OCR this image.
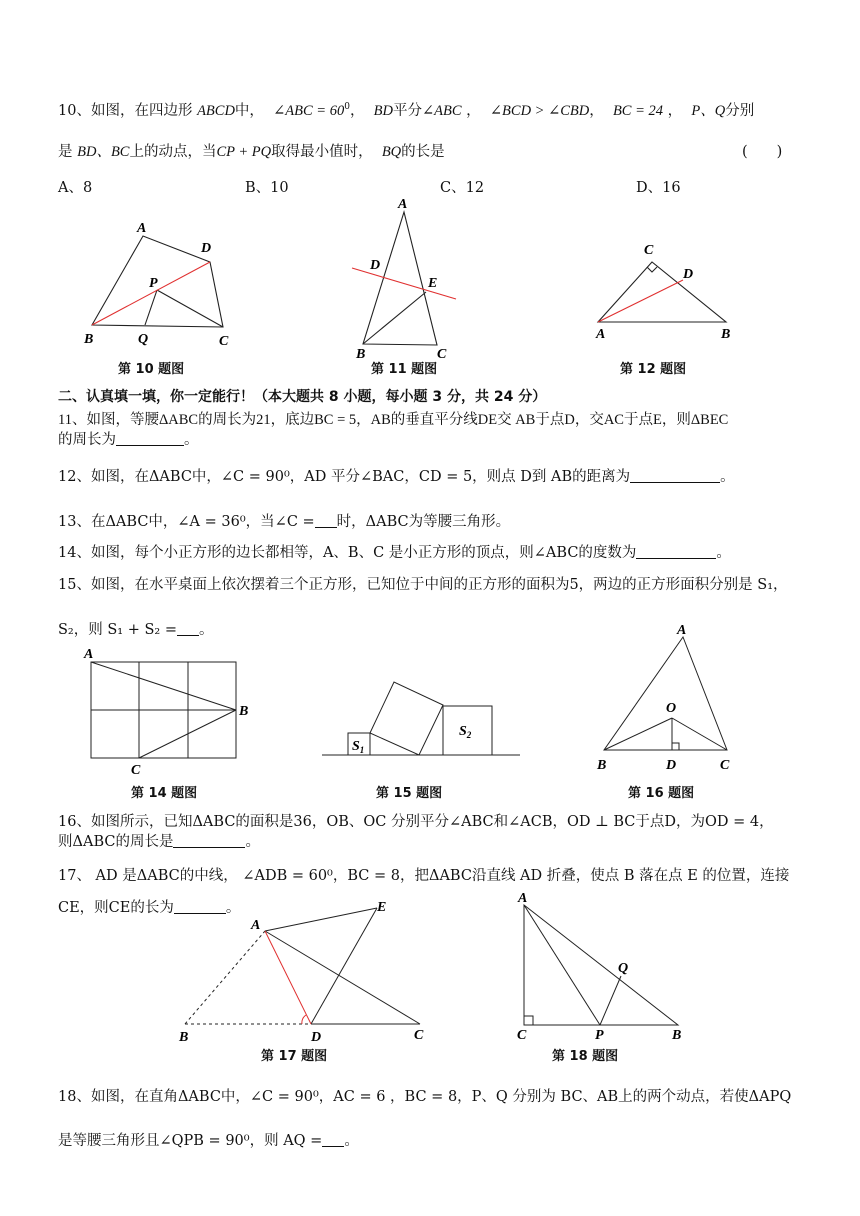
10、如图，在四边形 ABCD中， ∠ABC = $60^0$，  BD平分∠ABC ，  ∠BCD > ∠CBD，  BC = 24 ，  P、Q分别
是 BD、BC上的动点，当CP + PQ取得最小值时， BQ的长是	(　　)
A、8	B、10	C、12	D、16
A
D
P
B	Q	C
A
D
E
B	C
C
D
A	B
A
B
C
$S_1$
$S_2$
A
O
B	D	C
A
E
B	D	C
A
Q
C	P	B
第 10 题图	第 11 题图	第 12 题图
二、认真填一填，你一定能行！（本大题共 8 小题，每小题 3 分，共 24 分）
11、如图，等腰ΔABC的周长为21，底边BC = 5，AB的垂直平分线DE交 AB于点D，交AC于点E，则ΔBEC
的周长为	。
12、如图，在ΔABC中，∠C = 90⁰，AD 平分∠BAC，CD = 5，则点 D到 AB的距离为	。
13、在ΔABC中，∠A = 36⁰，当∠C = 时，ΔABC为等腰三角形。
14、如图，每个小正方形的边长都相等，A、B、C 是小正方形的顶点，则∠ABC的度数为	。
15、如图，在水平桌面上依次摆着三个正方形，已知位于中间的正方形的面积为5，两边的正方形面积分别是 S₁，
S₂，则 S₁ + S₂ = 。
第 14 题图	第 15 题图	第 16 题图
16、如图所示，已知ΔABC的面积是36，OB、OC 分别平分∠ABC和∠ACB，OD ⊥ BC于点D，为OD = 4，
则ΔABC的周长是	。
17、 AD 是ΔABC的中线， ∠ADB = 60⁰，BC = 8，把ΔABC沿直线 AD 折叠，使点 B 落在点 E 的位置，连接
CE，则CE的长为	。
第 17 题图	第 18 题图
18、如图，在直角ΔABC中，∠C = 90⁰，AC = 6 ，BC = 8，P、Q 分别为 BC、AB上的两个动点，若使ΔAPQ
是等腰三角形且∠QPB = 90⁰，则 AQ = 。
